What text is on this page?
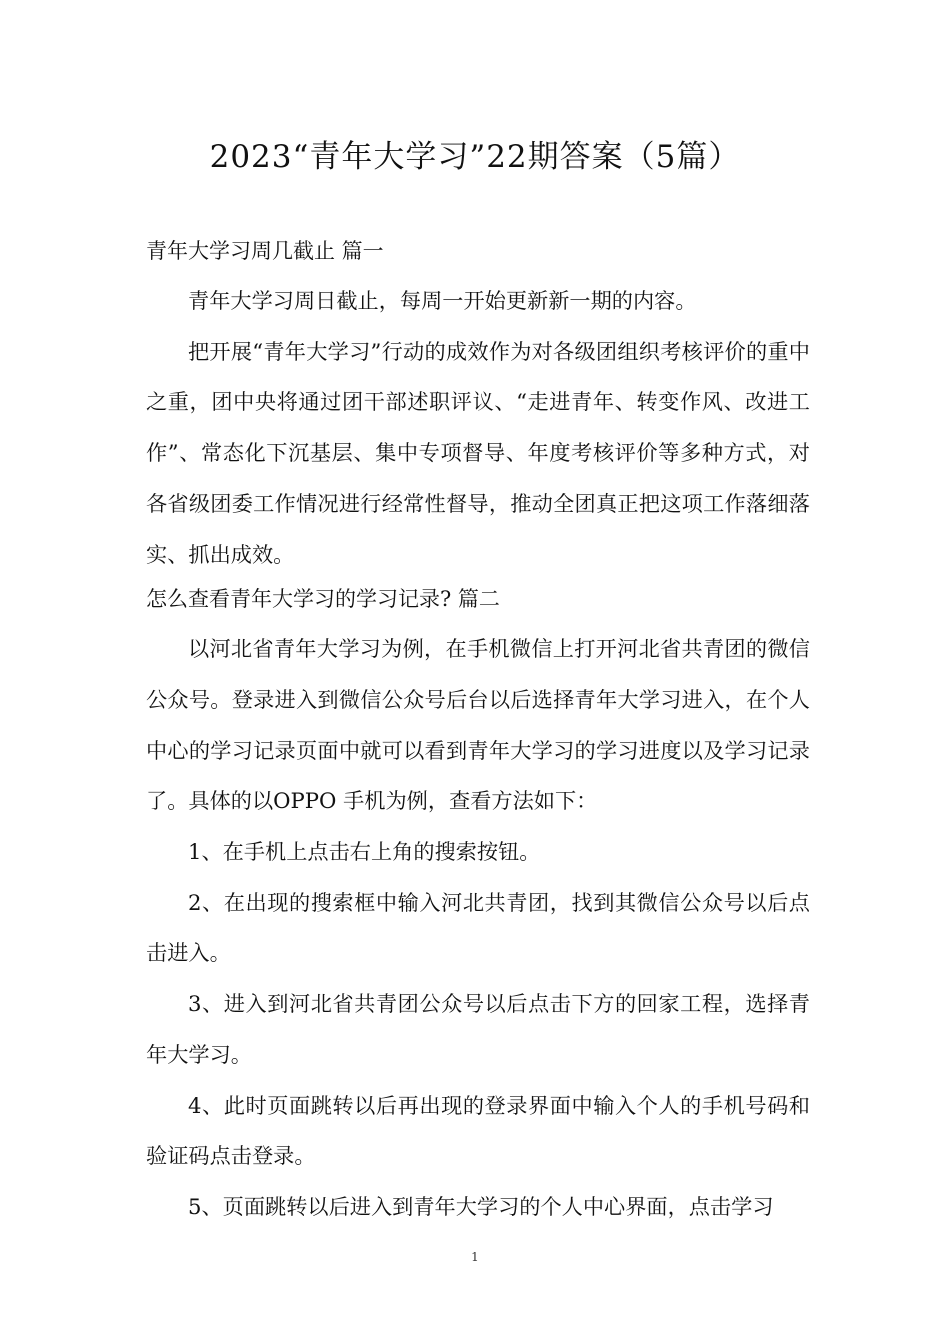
2023“青年大学习”22期答案（5篇）

青年大学习周几截止 篇一

青年大学习周日截止，每周一开始更新新一期的内容。

把开展“青年大学习”行动的成效作为对各级团组织考核评价的重中之重，团中央将通过团干部述职评议、“走进青年、转变作风、改进工作”、常态化下沉基层、集中专项督导、年度考核评价等多种方式，对各省级团委工作情况进行经常性督导，推动全团真正把这项工作落细落实、抓出成效。

怎么查看青年大学习的学习记录? 篇二

以河北省青年大学习为例，在手机微信上打开河北省共青团的微信公众号。登录进入到微信公众号后台以后选择青年大学习进入，在个人中心的学习记录页面中就可以看到青年大学习的学习进度以及学习记录了。具体的以OPPO 手机为例，查看方法如下：

1、在手机上点击右上角的搜索按钮。

2、在出现的搜索框中输入河北共青团，找到其微信公众号以后点击进入。

3、进入到河北省共青团公众号以后点击下方的回家工程，选择青年大学习。

4、此时页面跳转以后再出现的登录界面中输入个人的手机号码和验证码点击登录。

5、页面跳转以后进入到青年大学习的个人中心界面，点击学习

1
